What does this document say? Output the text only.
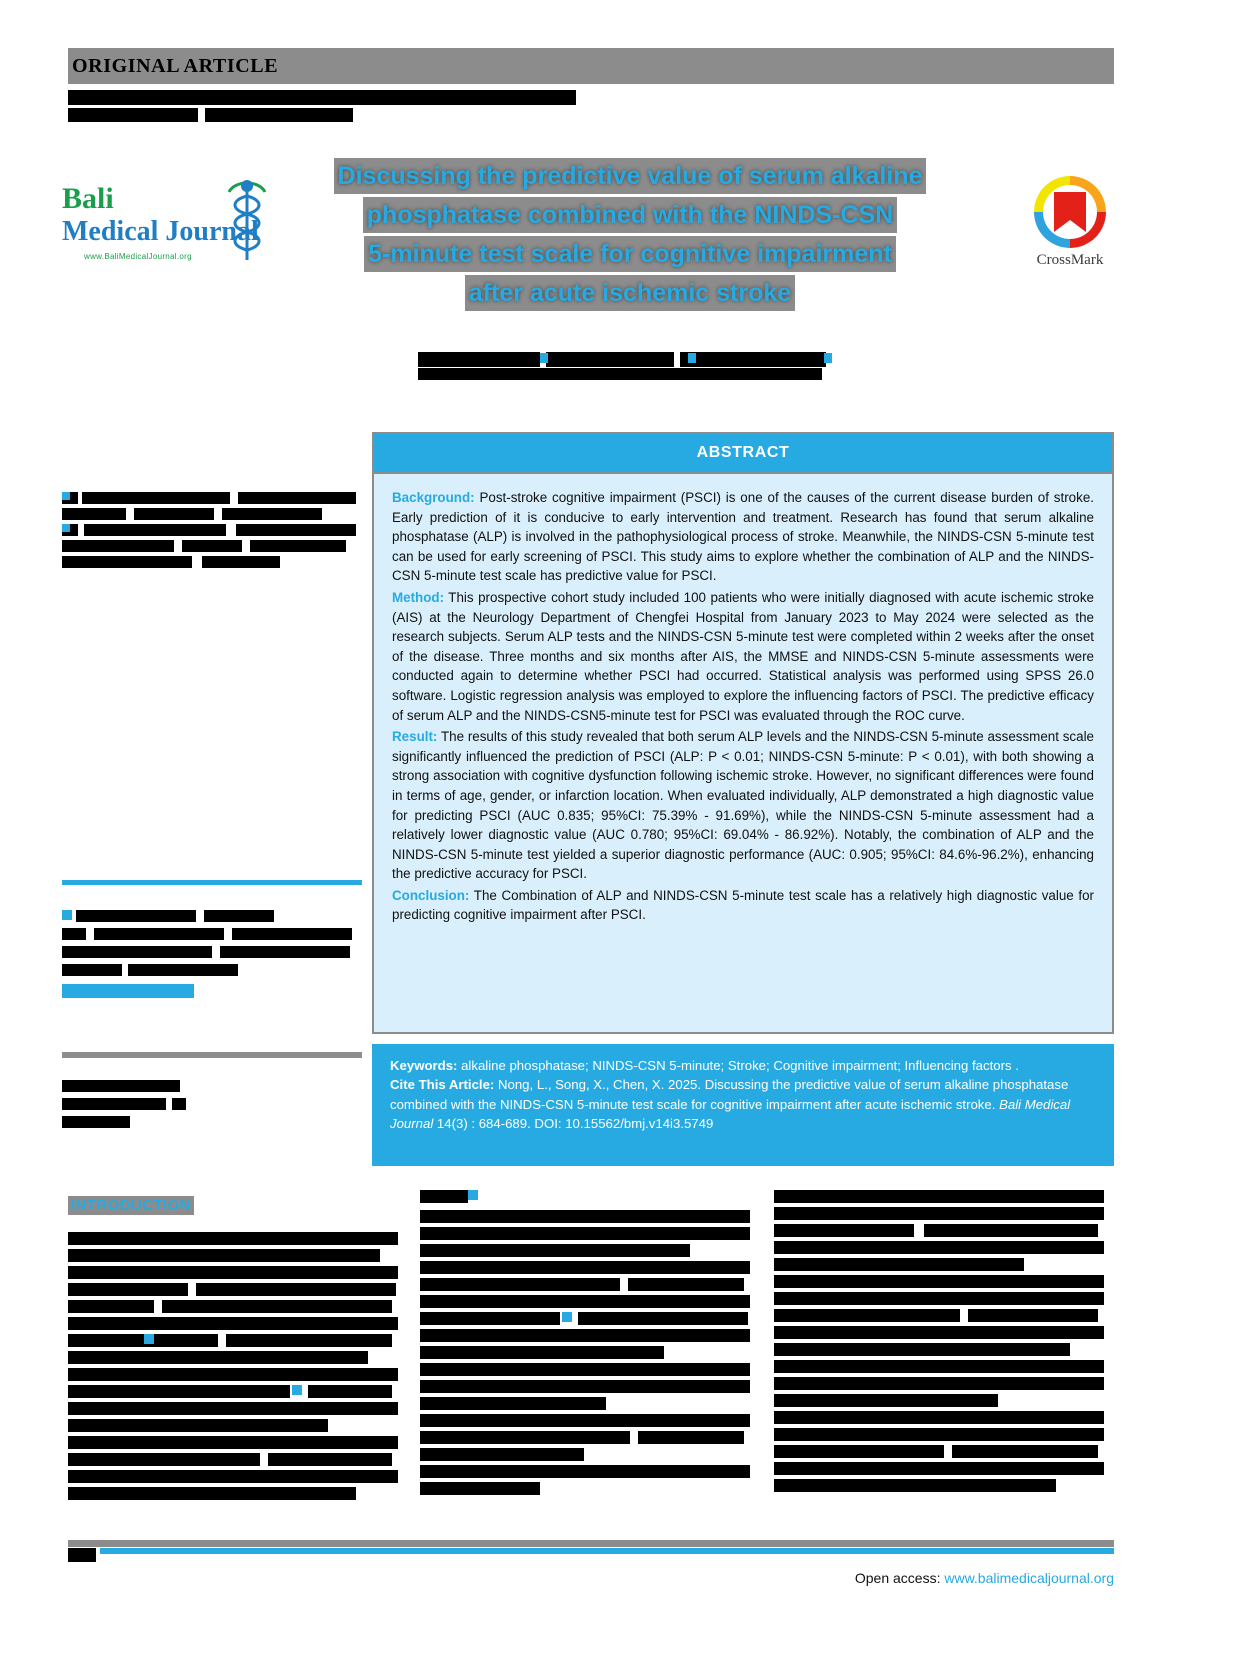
ORIGINAL ARTICLE
Bali
Medical Journal
www.BaliMedicalJournal.org	CrossMark
Discussing the predictive value of serum alkaline
phosphatase combined with the NINDS-CSN
5-minute test scale for cognitive impairment
after acute ischemic stroke
ABSTRACT

Background: Post-stroke cognitive impairment (PSCI) is one of the causes of the current disease burden of stroke. Early prediction of it is conducive to early intervention and treatment. Research has found that serum alkaline phosphatase (ALP) is involved in the pathophysiological process of stroke. Meanwhile, the NINDS-CSN 5-minute test can be used for early screening of PSCI. This study aims to explore whether the combination of ALP and the NINDS-CSN 5-minute test scale has predictive value for PSCI.

Method: This prospective cohort study included 100 patients who were initially diagnosed with acute ischemic stroke (AIS) at the Neurology Department of Chengfei Hospital from January 2023 to May 2024 were selected as the research subjects. Serum ALP tests and the NINDS-CSN 5-minute test were completed within 2 weeks after the onset of the disease. Three months and six months after AIS, the MMSE and NINDS-CSN 5-minute assessments were conducted again to determine whether PSCI had occurred. Statistical analysis was performed using SPSS 26.0 software. Logistic regression analysis was employed to explore the influencing factors of PSCI. The predictive efficacy of serum ALP and the NINDS-CSN5-minute test for PSCI was evaluated through the ROC curve.

Result: The results of this study revealed that both serum ALP levels and the NINDS-CSN 5-minute assessment scale significantly influenced the prediction of PSCI (ALP: P < 0.01; NINDS-CSN 5-minute: P < 0.01), with both showing a strong association with cognitive dysfunction following ischemic stroke. However, no significant differences were found in terms of age, gender, or infarction location. When evaluated individually, ALP demonstrated a high diagnostic value for predicting PSCI (AUC 0.835; 95%CI: 75.39% - 91.69%), while the NINDS-CSN 5-minute assessment had a relatively lower diagnostic value (AUC 0.780; 95%CI: 69.04% - 86.92%). Notably, the combination of ALP and the NINDS-CSN 5-minute test yielded a superior diagnostic performance (AUC: 0.905; 95%CI: 84.6%-96.2%), enhancing the predictive accuracy for PSCI.

Conclusion: The Combination of ALP and NINDS-CSN 5-minute test scale has a relatively high diagnostic value for predicting cognitive impairment after PSCI.

Keywords: alkaline phosphatase; NINDS-CSN 5-minute; Stroke; Cognitive impairment; Influencing factors .

Cite This Article: Nong, L., Song, X., Chen, X. 2025. Discussing the predictive value of serum alkaline phosphatase combined with the NINDS-CSN 5-minute test scale for cognitive impairment after acute ischemic stroke. Bali Medical Journal 14(3) : 684-689. DOI: 10.15562/bmj.v14i3.5749

INTRODUCTION
Open access: www.balimedicaljournal.org
